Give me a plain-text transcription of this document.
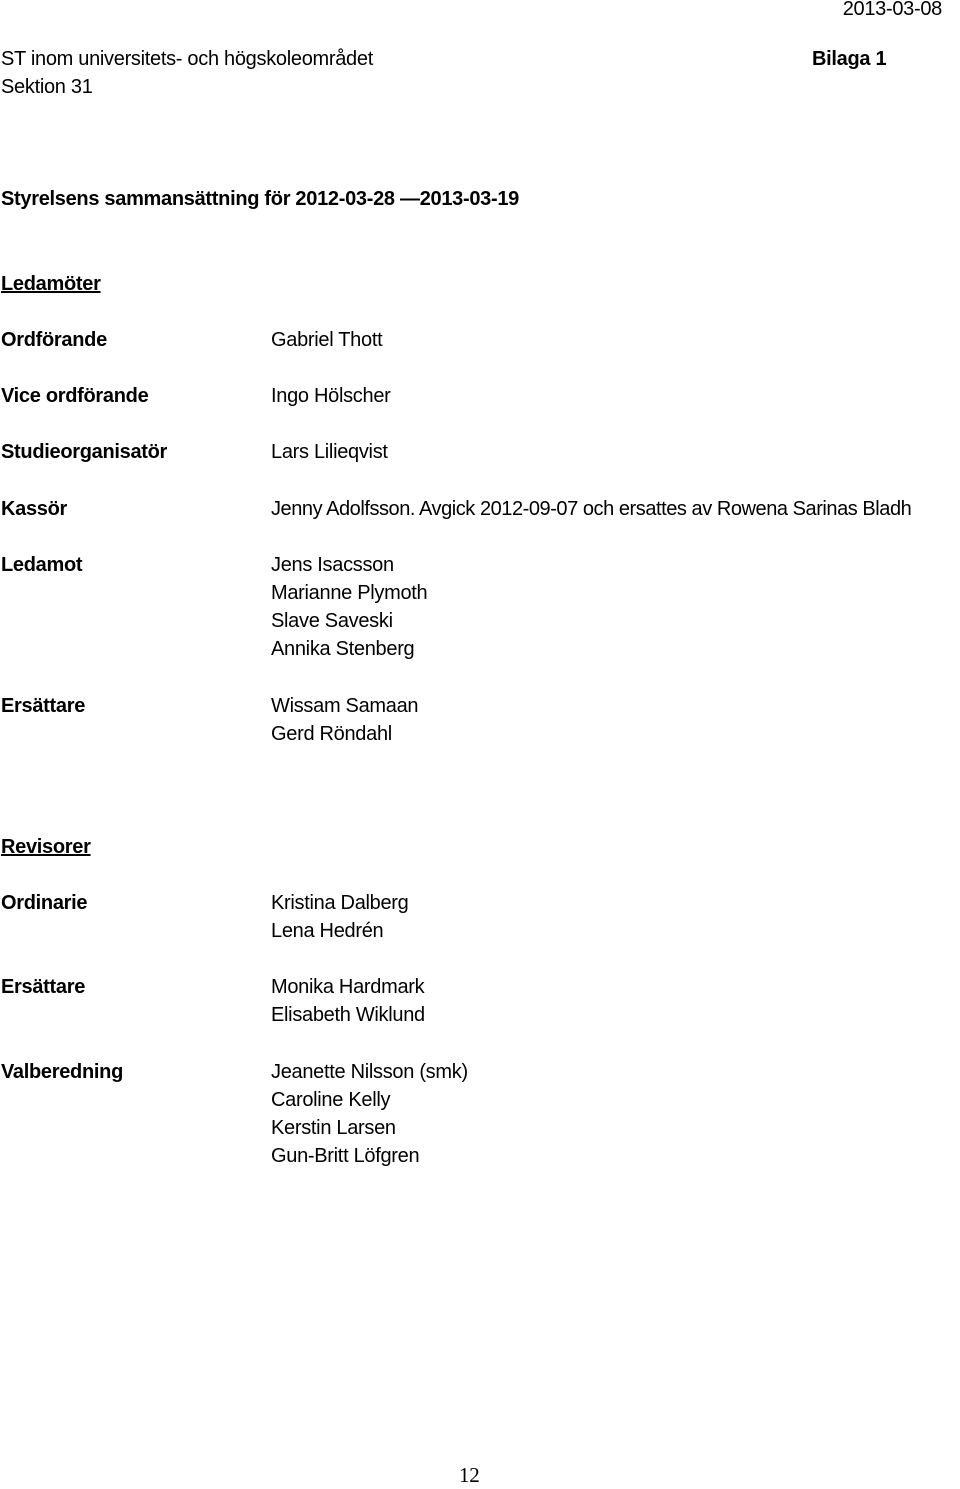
2013-03-08
ST inom universitets- och högskoleområdet	Bilaga 1
Sektion 31
Styrelsens sammansättning för 2012-03-28 —2013-03-19
Ledamöter
Ordförande	Gabriel Thott
Vice ordförande	Ingo Hölscher
Studieorganisatör	Lars Lilieqvist
Kassör	Jenny Adolfsson. Avgick 2012-09-07 och ersattes av Rowena Sarinas Bladh
Ledamot	Jens Isacsson
Marianne Plymoth
Slave Saveski
Annika Stenberg
Ersättare	Wissam Samaan
Gerd Röndahl
Revisorer
Ordinarie	Kristina Dalberg
Lena Hedrén
Ersättare	Monika Hardmark
Elisabeth Wiklund
Valberedning	Jeanette Nilsson (smk)
Caroline Kelly
Kerstin Larsen
Gun-Britt Löfgren
12
